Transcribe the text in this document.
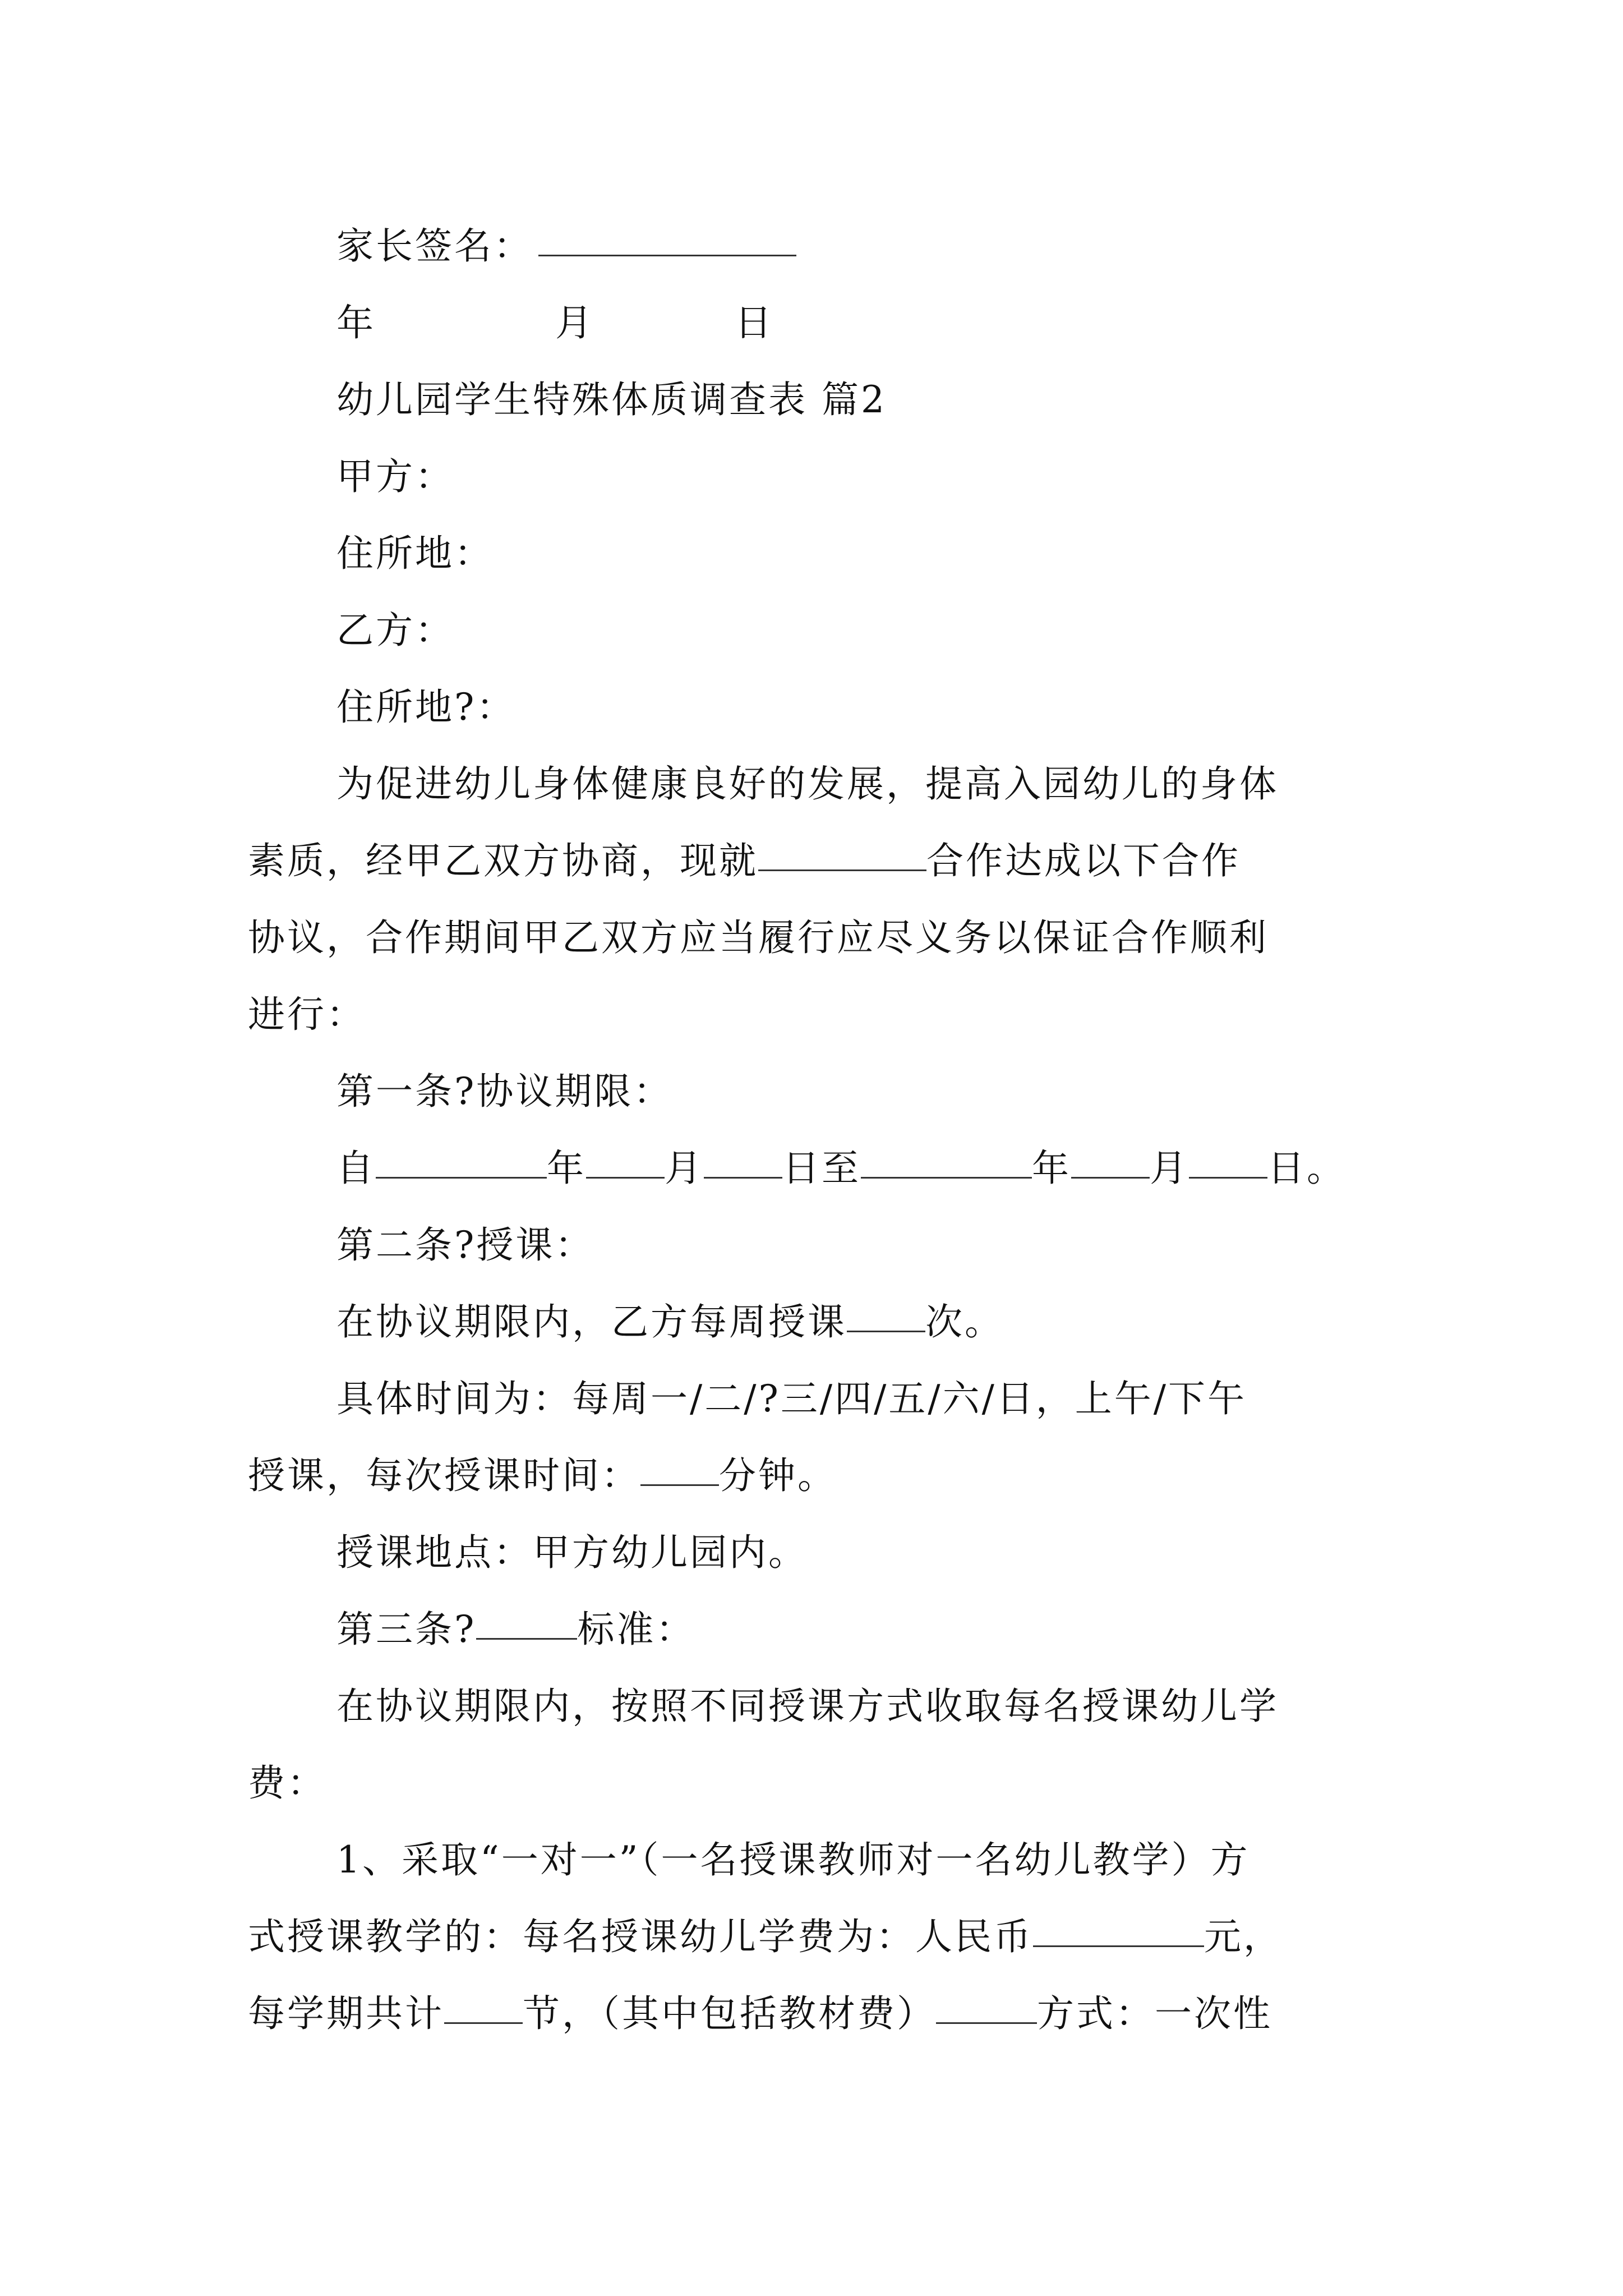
家长签名：
年	月	日
幼儿园学生特殊体质调查表 篇2
甲方：
住所地：
乙方：
住所地?：
为促进幼儿身体健康良好的发展，提高入园幼儿的身体
素质，经甲乙双方协商，现就	合作达成以下合作
协议，合作期间甲乙双方应当履行应尽义务以保证合作顺利
进行：
第一条?协议期限：
自	年 月 日至	年 月 日。
第二条?授课：
在协议期限内，乙方每周授课 次。
具体时间为：每周一/二/?三/四/五/六/日，上午/下午
授课，每次授课时间： 分钟。
授课地点：甲方幼儿园内。
第三条?	标准：
在协议期限内，按照不同授课方式收取每名授课幼儿学
费：
1、采取“一对一”（一名授课教师对一名幼儿教学）方
式授课教学的：每名授课幼儿学费为：人民币	元，
每学期共计 节，（其中包括教材费）	方式：一次性
